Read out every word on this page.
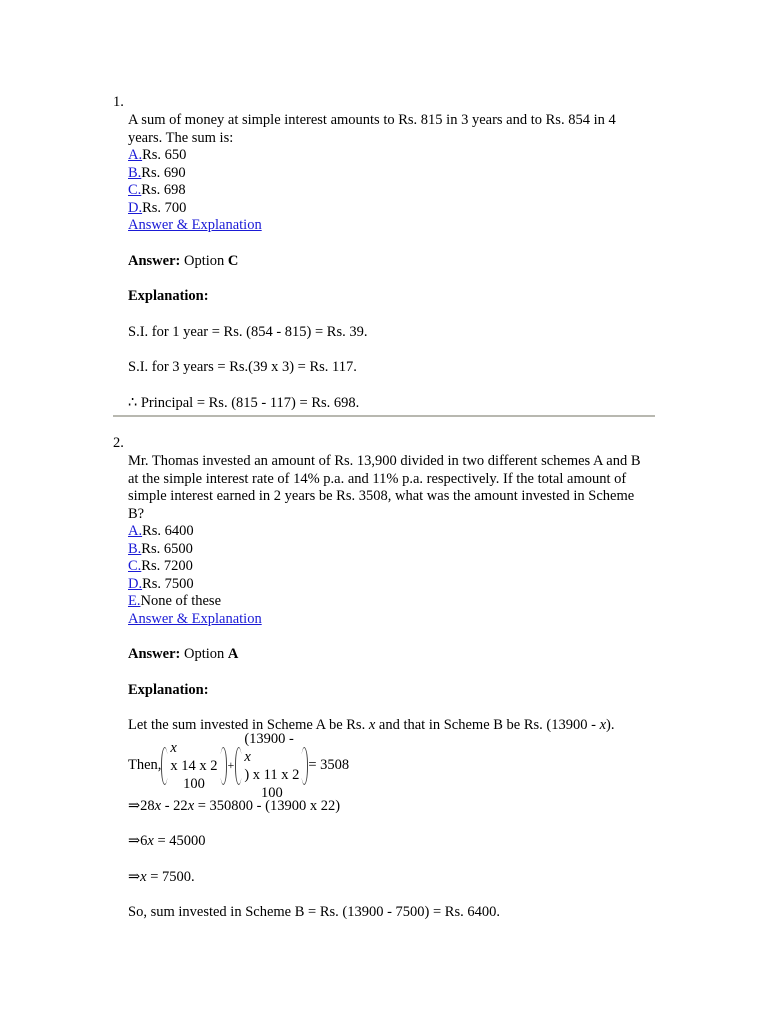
1.

A sum of money at simple interest amounts to Rs. 815 in 3 years and to Rs. 854 in 4 years. The sum is:

A.Rs. 650
B.Rs. 690
C.Rs. 698
D.Rs. 700
Answer & Explanation

Answer: Option C

Explanation:

S.I. for 1 year = Rs. (854 - 815) = Rs. 39.

S.I. for 3 years = Rs.(39 x 3) = Rs. 117.

∴ Principal = Rs. (815 - 117) = Rs. 698.

2.

Mr. Thomas invested an amount of Rs. 13,900 divided in two different schemes A and B at the simple interest rate of 14% p.a. and 11% p.a. respectively. If the total amount of simple interest earned in 2 years be Rs. 3508, what was the amount invested in Scheme B?

A.Rs. 6400
B.Rs. 6500
C.Rs. 7200
D.Rs. 7500
E.None of these
Answer & Explanation

Answer: Option A

Explanation:

Let the sum invested in Scheme A be Rs. x and that in Scheme B be Rs. (13900 - x).

Then,
x
x 14 x 2
100
+
(13900 -
x
) x 11 x 2
100
= 3508

⇒28x - 22x = 350800 - (13900 x 22)

⇒6x = 45000

⇒x = 7500.

So, sum invested in Scheme B = Rs. (13900 - 7500) = Rs. 6400.
